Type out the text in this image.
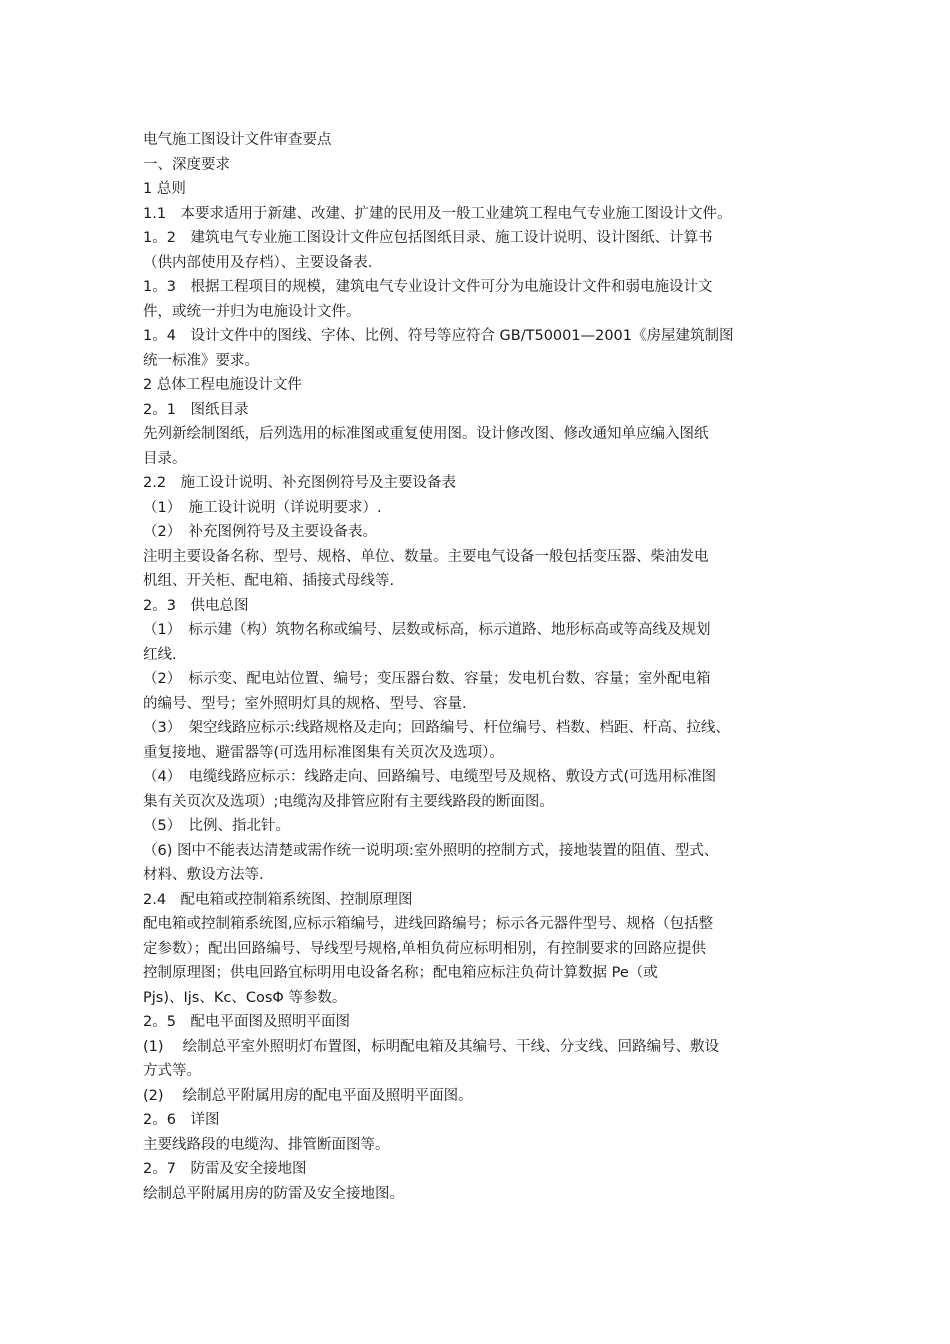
电气施工图设计文件审查要点

一、深度要求

1 总则

1.1　本要求适用于新建、改建、扩建的民用及一般工业建筑工程电气专业施工图设计文件。

1。2　建筑电气专业施工图设计文件应包括图纸目录、施工设计说明、设计图纸、计算书

（供内部使用及存档）、主要设备表.

1。3　根据工程项目的规模，建筑电气专业设计文件可分为电施设计文件和弱电施设计文

件，或统一并归为电施设计文件。

1。4　设计文件中的图线、字体、比例、符号等应符合 GB/T50001—2001《房屋建筑制图

统一标准》要求。

2 总体工程电施设计文件

2。1　图纸目录

先列新绘制图纸，后列选用的标准图或重复使用图。设计修改图、修改通知单应编入图纸

目录。

2.2　施工设计说明、补充图例符号及主要设备表

（1）　施工设计说明（详说明要求）.

（2）　补充图例符号及主要设备表。

注明主要设备名称、型号、规格、单位、数量。主要电气设备一般包括变压器、柴油发电

机组、开关柜、配电箱、插接式母线等.

2。3　供电总图

（1）　标示建（构）筑物名称或编号、层数或标高，标示道路、地形标高或等高线及规划

红线.

（2）　标示变、配电站位置、编号；变压器台数、容量；发电机台数、容量；室外配电箱

的编号、型号；室外照明灯具的规格、型号、容量.

（3）　架空线路应标示:线路规格及走向；回路编号、杆位编号、档数、档距、杆高、拉线、

重复接地、避雷器等(可选用标准图集有关页次及选项）。

（4）　电缆线路应标示：线路走向、回路编号、电缆型号及规格、敷设方式(可选用标准图

集有关页次及选项）;电缆沟及排管应附有主要线路段的断面图。

（5）　比例、指北针。

（6) 图中不能表达清楚或需作统一说明项:室外照明的控制方式，接地装置的阻值、型式、

材料、敷设方法等.

2.4　配电箱或控制箱系统图、控制原理图

配电箱或控制箱系统图,应标示箱编号，进线回路编号；标示各元器件型号、规格（包括整

定参数）；配出回路编号、导线型号规格,单相负荷应标明相别，有控制要求的回路应提供

控制原理图；供电回路宜标明用电设备名称；配电箱应标注负荷计算数据 Pe（或

Pjs)、Ijs、Kc、CosΦ 等参数。

2。5　配电平面图及照明平面图

(1)　 绘制总平室外照明灯布置图，标明配电箱及其编号、干线、分支线、回路编号、敷设

方式等。

(2)　 绘制总平附属用房的配电平面及照明平面图。

2。6　详图

主要线路段的电缆沟、排管断面图等。

2。7　防雷及安全接地图

绘制总平附属用房的防雷及安全接地图。
